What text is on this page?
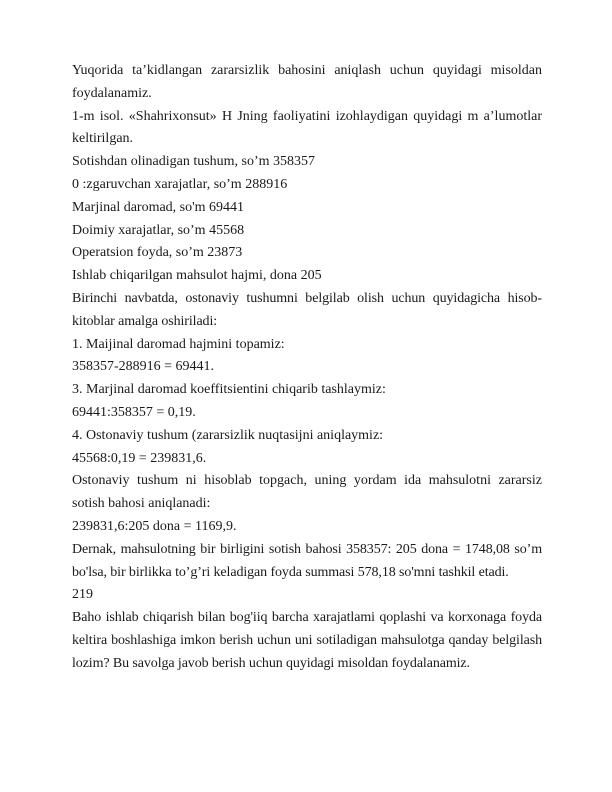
Yuqorida ta’kidlangan zararsizlik bahosini aniqlash uchun quyidagi misoldan foydalanamiz.

1-m isol. «Shahrixonsut» H Jning faoliyatini izohlaydigan quyidagi m a’lumotlar keltirilgan.

Sotishdan olinadigan tushum, so’m 358357

0 :zgaruvchan xarajatlar, so’m 288916

Marjinal daromad, so'm 69441

Doimiy xarajatlar, so’m 45568

Operatsion foyda, so’m 23873

Ishlab chiqarilgan mahsulot hajmi, dona 205

Birinchi navbatda, ostonaviy tushumni belgilab olish uchun quyidagicha hisob-kitoblar amalga oshiriladi:

1. Maijinal daromad hajmini topamiz:

358357-288916 = 69441.

3. Marjinal daromad koeffitsientini chiqarib tashlaymiz:

69441:358357 = 0,19.

4. Ostonaviy tushum (zararsizlik nuqtasijni aniqlaymiz:

45568:0,19 = 239831,6.

Ostonaviy tushum ni hisoblab topgach, uning yordam ida mahsulotni zararsiz sotish bahosi aniqlanadi:

239831,6:205 dona = 1169,9.

Dernak, mahsulotning bir birligini sotish bahosi 358357: 205 dona = 1748,08 so’m bo'lsa, bir birlikka to’g’ri keladigan foyda summasi 578,18 so'mni tashkil etadi.

219

Baho ishlab chiqarish bilan bog'iiq barcha xarajatlami qoplashi va korxonaga foyda keltira boshlashiga imkon berish uchun uni sotiladigan mahsulotga qanday belgilash lozim? Bu savolga javob berish uchun quyidagi misoldan foydalanamiz.
